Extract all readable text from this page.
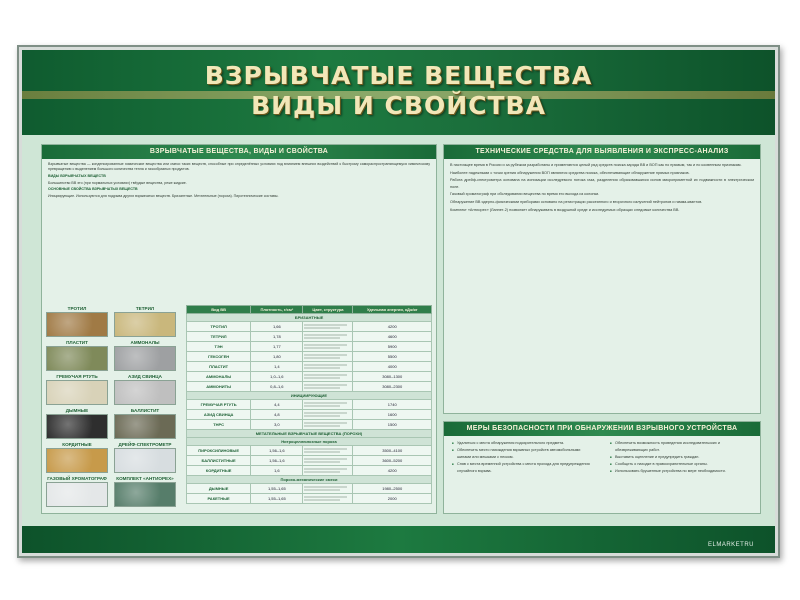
ВЗРЫВЧАТЫЕ ВЕЩЕСТВА
ВИДЫ И СВОЙСТВА
ВЗРЫВЧАТЫЕ ВЕЩЕСТВА, ВИДЫ И СВОЙСТВА

Взрывчатые вещества — конденсированные химические вещества или смеси таких веществ, способные при определённых условиях под влиянием внешних воздействий к быстрому самораспространяющемуся химическому превращению с выделением большого количества тепла и газообразных продуктов.

ВИДЫ ВЗРЫВЧАТЫХ ВЕЩЕСТВ

Большинство ВВ это (при нормальных условиях) твёрдые вещества, реже жидкие.

ОСНОВНЫЕ СВОЙСТВА ВЗРЫВЧАТЫХ ВЕЩЕСТВ

Инициирующие. Используются для подрыва других взрывчатых веществ. Бризантные. Метательные (пороха). Пиротехнические составы.

ТРОТИЛ	ТЕТРИЛ
ПЛАСТИТ	АММОНАЛЫ
ГРЕМУЧАЯ РТУТЬ	АЗИД СВИНЦА
ДЫМНЫЕ	БАЛЛИСТИТ
КОРДИТНЫЕ	ДРЕЙФ-СПЕКТРОМЕТР
ГАЗОВЫЙ ХРОМАТОГРАФ	КОМПЛЕКТ «АНТИОРЕХ»
Вид ВВ	Плотность, г/см³	Цвет, структура	Удельная энергия, кДж/кг
БРИЗАНТНЫЕ			
ТРОТИЛ	1,66		4200
ТЕТРИЛ	1,78		4600
ТЭН	1,77		5900
ГЕКСОГЕН	1,80		5500
ПЛАСТИТ	1,4		4000
АММОНАЛЫ	1,0–1,6		3080–1300
АММОНИТЫ	0,8–1,6		3080–2300
ИНИЦИИРУЮЩИЕ			
ГРЕМУЧАЯ РТУТЬ	4,4		1740
АЗИД СВИНЦА	4,8		1600
ТНРС	3,0		1500
МЕТАТЕЛЬНЫЕ ВЗРЫВЧАТЫЕ ВЕЩЕСТВА (ПОРОХИ)			
Нитроцеллюлозные пороха			
ПИРОКСИЛИНОВЫЕ	1,56–1,6		3500–4100
БАЛЛИСТИТНЫЕ	1,56–1,6		3600–5200
КОРДИТНЫЕ	1,6		4200
Порохо-механические смеси			
ДЫМНЫЕ	1,55–1,65		1980–2500
РАКЕТНЫЕ	1,55–1,65		2000
ТЕХНИЧЕСКИЕ СРЕДСТВА ДЛЯ ВЫЯВЛЕНИЯ И ЭКСПРЕСС-АНАЛИЗ

В настоящее время в России и за рубежом разработаны и применяются целый ряд средств поиска заряда ВВ и ВОП как по прямым, так и по косвенным признакам.

Наиболее надежными с точки зрения обнаружения ВОП являются средства поиска, обеспечивающие обнаружение прямых признаков.

Работа дрейф-спектрометра основана на ионизации исследуемого потока газа, разделения образовавшихся ионов микроприметной их подвижности в электрическом поле.

Газовый хроматограф при обследовании вещества по время его выхода из колонки.

Обнаружение ВВ ядерно-физическими приборами основано на регистрации рассеянного и вторичного излучений нейтронов и гамма-квантов.

Комплект «Антиорех» (Лаппет-2) позволяет обнаруживать в воздушной среде и исследуемых образцах следовые количества ВВ.

МЕРЫ БЕЗОПАСНОСТИ ПРИ ОБНАРУЖЕНИИ ВЗРЫВНОГО УСТРОЙСТВА
■ Удалиться с места обнаружения подозрительного предмета.
■ Обеспечить место нахождения взрывных устройств автомобильными шинами или мешками с песком.
■ Сняв с места временной устройства с места прохода для предупреждения случайного взрыва.
■ Обеспечить возможность проведения исследовательских и обезвреживающих работ.
■ Выставить оцепление и предупредить граждан.
■ Сообщить о находке в правоохранительные органы.
■ Использовать брушенные устройства по мере необходимости.
ELMARKETRU
